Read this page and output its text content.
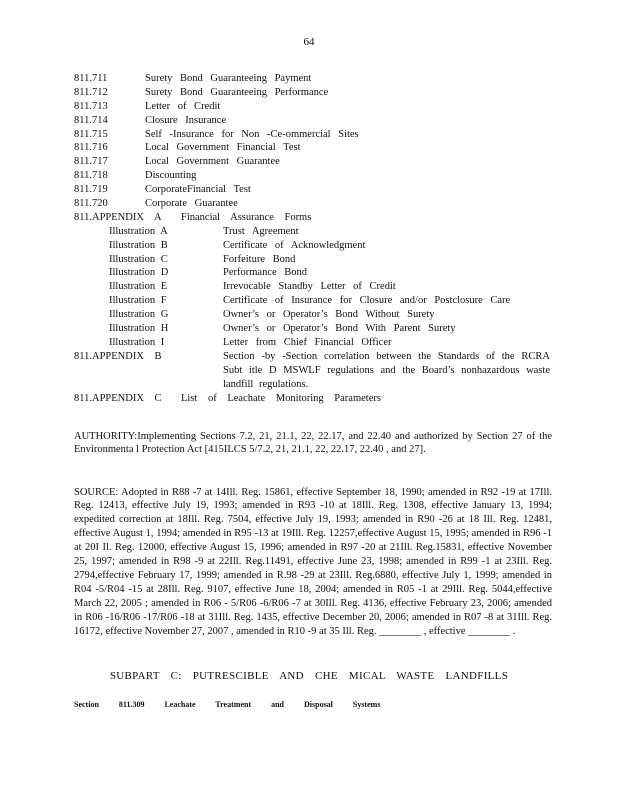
64
811.711	Surety Bond Guaranteeing Payment
811.712	Surety Bond Guaranteeing Performance
811.713	Letter of Credit
811.714	Closure Insurance
811.715	Self -Insurance for Non -Ce-ommercial Sites
811.716	Local Government Financial Test
811.717	Local Government Guarantee
811.718	Discounting
811.719	CorporateFinancial Test
811.720	Corporate Guarantee
811.APPENDIX A Financial Assurance Forms
Illustration A	Trust Agreement
Illustration B	Certificate of Acknowledgment
Illustration C	Forfeiture Bond
Illustration D	Performance Bond
Illustration E	Irrevocable Standby Letter of Credit
Illustration F	Certificate of Insurance for Closure and/or Postclosure Care
Illustration G	Owner’s or Operator’s Bond Without Surety
Illustration H	Owner’s or Operator’s Bond With Parent Surety
Illustration I	Letter from Chief Financial Officer
811.APPENDIX B	Section -by -Section correlation between the Standards of the RCRA Subt itle D MSWLF regulations and the Board’s nonhazardous waste landfill regulations.
811.APPENDIX C List of Leachate Monitoring Parameters

AUTHORITY:Implementing Sections 7.2, 21, 21.1, 22, 22.17, and 22.40 and authorized by Section 27 of the Environmenta l Protection Act [415ILCS 5/7.2, 21, 21.1, 22, 22.17, 22.40 , and 27].

SOURCE: Adopted in R88 -7 at 14Ill. Reg. 15861, effective September 18, 1990; amended in R92 -19 at 17Ill. Reg. 12413, effective July 19, 1993; amended in R93 -10 at 18Ill. Reg. 1308, effective January 13, 1994; expedited correction at 18Ill. Reg. 7504, effective July 19, 1993; amended in R90 -26 at 18 Ill. Reg. 12481, effective August 1, 1994; amended in R95 -13 at 19Ill. Reg. 12257,effective August 15, 1995; amended in R96 -1 at 20I Il. Reg. 12000, effective August 15, 1996; amended in R97 -20 at 21Ill. Reg.15831, effective November 25, 1997; amended in R98 -9 at 22Ill. Reg.11491, effective June 23, 1998; amended in R99 -1 at 23Ill. Reg. 2794,effective February 17, 1999; amended in R.98 -29 at 23Ill. Reg.6880, effective July 1, 1999; amended in R04 -5/R04 -15 at 28Ill. Reg. 9107, effective June 18, 2004; amended in R05 -1 at 29Ill. Reg. 5044,effective March 22, 2005 ; amended in R06 - 5/R06 -6/R06 -7 at 30Ill. Reg. 4136, effective February 23, 2006; amended in R06 -16/R06 -17/R06 -18 at 31Ill. Reg. 1435, effective December 20, 2006; amended in R07 -8 at 31Ill. Reg. 16172, effective November 27, 2007 , amended in R10 -9 at 35 Ill. Reg. ________ , effective ________ .

SUBPART C: PUTRESCIBLE AND CHE MICAL WASTE LANDFILLS
Section	811.309	Leachate Treatment and Disposal Systems
